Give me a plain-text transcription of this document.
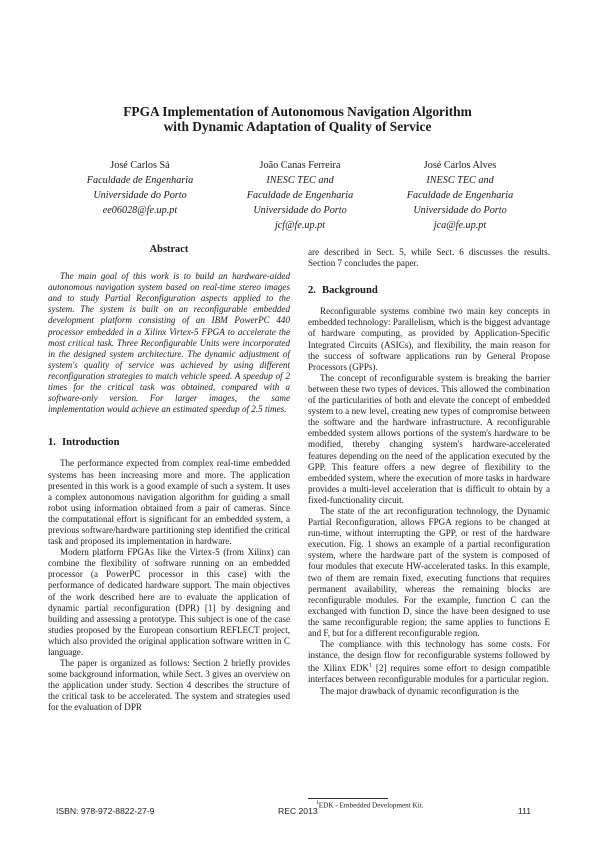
FPGA Implementation of Autonomous Navigation Algorithm
with Dynamic Adaptation of Quality of Service
José Carlos Sá
Faculdade de Engenharia
Universidade do Porto
ee06028@fe.up.pt
João Canas Ferreira
INESC TEC and
Faculdade de Engenharia
Universidade do Porto
jcf@fe.up.pt
José Carlos Alves
INESC TEC and
Faculdade de Engenharia
Universidade do Porto
jca@fe.up.pt
Abstract

The main goal of this work is to build an hardware-aided autonomous navigation system based on real-time stereo images and to study Partial Reconfiguration aspects applied to the system. The system is built on an reconfigurable embedded development platform consisting of an IBM PowerPC 440 processor embedded in a Xilinx Virtex-5 FPGA to accelerate the most critical task. Three Reconfigurable Units were incorporated in the designed system architecture. The dynamic adjustment of system's quality of service was achieved by using different reconfiguration strategies to match vehicle speed. A speedup of 2 times for the critical task was obtained, compared with a software-only version. For larger images, the same implementation would achieve an estimated speedup of 2.5 times.

1. Introduction

The performance expected from complex real-time embedded systems has been increasing more and more. The application presented in this work is a good example of such a system. It uses a complex autonomous navigation algorithm for guiding a small robot using information obtained from a pair of cameras. Since the computational effort is significant for an embedded system, a previous software/hardware partitioning step identified the critical task and proposed its implementation in hardware.

Modern platform FPGAs like the Virtex-5 (from Xilinx) can combine the flexibility of software running on an embedded processor (a PowerPC processor in this case) with the performance of dedicated hardware support. The main objectives of the work described here are to evaluate the application of dynamic partial reconfiguration (DPR) [1] by designing and building and assessing a prototype. This subject is one of the case studies proposed by the European consortium REFLECT project, which also provided the original application software written in C language.

The paper is organized as follows: Section 2 briefly provides some background information, while Sect. 3 gives an overview on the application under study. Section 4 describes the structure of the critical task to be accelerated. The system and strategies used for the evaluation of DPR

are described in Sect. 5, while Sect. 6 discusses the results. Section 7 concludes the paper.

2. Background

Reconfigurable systems combine two main key concepts in embedded technology: Parallelism, which is the biggest advantage of hardware computing, as provided by Application-Specific Integrated Circuits (ASICs), and flexibility, the main reason for the success of software applications run by General Propose Processors (GPPs).

The concept of reconfigurable system is breaking the barrier between these two types of devices. This allowed the combination of the particularities of both and elevate the concept of embedded system to a new level, creating new types of compromise between the software and the hardware infrastructure. A reconfigurable embedded system allows portions of the system's hardware to be modified, thereby changing system's hardware-accelerated features depending on the need of the application executed by the GPP. This feature offers a new degree of flexibility to the embedded system, where the execution of more tasks in hardware provides a multi-level acceleration that is difficult to obtain by a fixed-functionality circuit.

The state of the art reconfiguration technology, the Dynamic Partial Reconfiguration, allows FPGA regions to be changed at run-time, without interrupting the GPP, or rest of the hardware execution. Fig. 1 shows an example of a partial reconfiguration system, where the hardware part of the system is composed of four modules that execute HW-accelerated tasks. In this example, two of them are remain fixed, executing functions that requires permanent availability, whereas the remaining blocks are reconfigurable modules. For the example, function C can the exchanged with function D, since the have been designed to use the same reconfigurable region; the same applies to functions E and F, but for a different reconfigurable region.

The compliance with this technology has some costs. For instance, the design flow for reconfigurable systems followed by the Xilinx EDK$^1$ [2] requires some effort to design compatible interfaces between reconfigurable modules for a particular region.

The major drawback of dynamic reconfiguration is the

$^1$EDK - Embedded Development Kit.
ISBN: 978-972-8822-27-9	REC 2013	111
